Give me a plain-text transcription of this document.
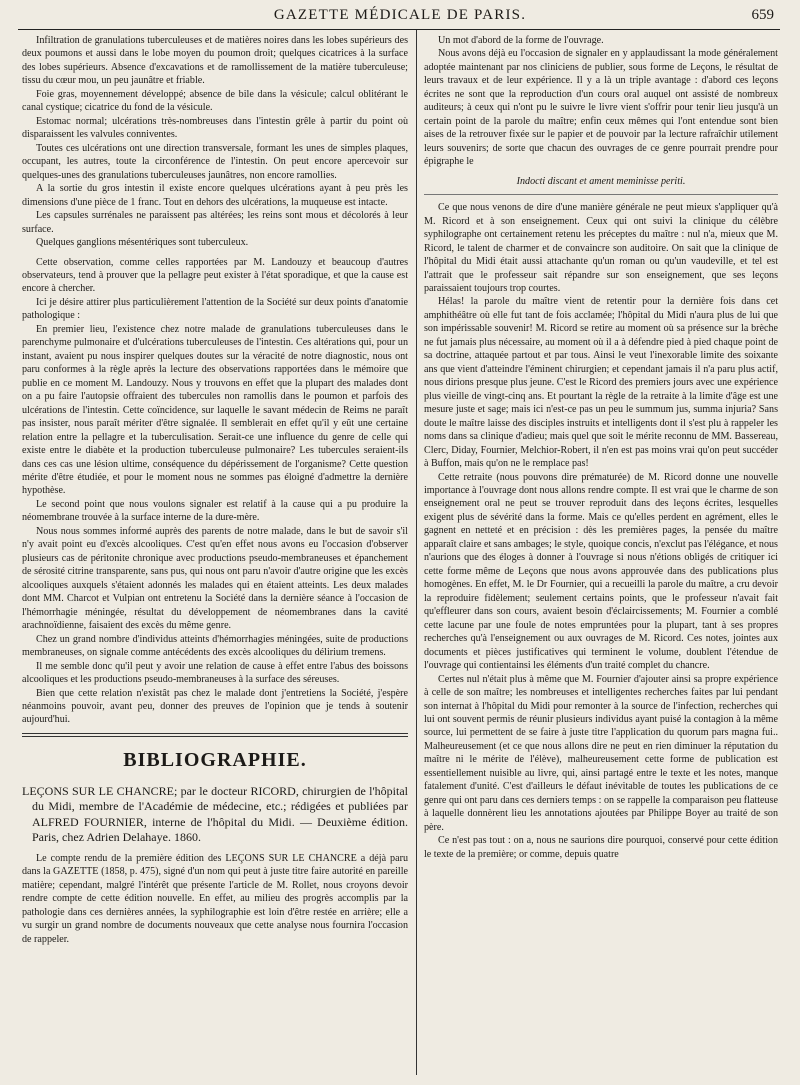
GAZETTE MÉDICALE DE PARIS.	659

Infiltration de granulations tuberculeuses et de matières noires dans les lobes supérieurs des deux poumons et aussi dans le lobe moyen du poumon droit; quelques cicatrices à la surface des lobes supérieurs. Absence d'excavations et de ramollissement de la matière tuberculeuse; tissu du cœur mou, un peu jaunâtre et friable.

Foie gras, moyennement développé; absence de bile dans la vésicule; calcul oblitérant le canal cystique; cicatrice du fond de la vésicule.

Estomac normal; ulcérations très-nombreuses dans l'intestin grêle à partir du point où disparaissent les valvules conniventes.

Toutes ces ulcérations ont une direction transversale, formant les unes de simples plaques, occupant, les autres, toute la circonférence de l'intestin. On peut encore apercevoir sur quelques-unes des granulations tuberculeuses jaunâtres, non encore ramollies.

A la sortie du gros intestin il existe encore quelques ulcérations ayant à peu près les dimensions d'une pièce de 1 franc. Tout en dehors des ulcérations, la muqueuse est intacte.

Les capsules surrénales ne paraissent pas altérées; les reins sont mous et décolorés à leur surface.

Quelques ganglions mésentériques sont tuberculeux.

Cette observation, comme celles rapportées par M. Landouzy et beaucoup d'autres observateurs, tend à prouver que la pellagre peut exister à l'état sporadique, et que la cause est encore à chercher.

Ici je désire attirer plus particulièrement l'attention de la Société sur deux points d'anatomie pathologique :

En premier lieu, l'existence chez notre malade de granulations tuberculeuses dans le parenchyme pulmonaire et d'ulcérations tuberculeuses de l'intestin. Ces altérations qui, pour un instant, avaient pu nous inspirer quelques doutes sur la véracité de notre diagnostic, nous ont paru conformes à la règle après la lecture des observations rapportées dans le mémoire que publie en ce moment M. Landouzy. Nous y trouvons en effet que la plupart des malades dont on a pu faire l'autopsie offraient des tubercules non ramollis dans le poumon et parfois des ulcérations de l'intestin. Cette coïncidence, sur laquelle le savant médecin de Reims ne paraît pas insister, nous paraît mériter d'être signalée. Il semblerait en effet qu'il y eût une certaine relation entre la pellagre et la tuberculisation. Serait-ce une influence du genre de celle qui existe entre le diabète et la production tuberculeuse pulmonaire? Les tubercules seraient-ils dans ces cas une lésion ultime, conséquence du dépérissement de l'organisme? Cette question mérite d'être étudiée, et pour le moment nous ne sommes pas éloigné d'admettre la dernière hypothèse.

Le second point que nous voulons signaler est relatif à la cause qui a pu produire la néomembrane trouvée à la surface interne de la dure-mère.

Nous nous sommes informé auprès des parents de notre malade, dans le but de savoir s'il n'y avait point eu d'excès alcooliques. C'est qu'en effet nous avons eu l'occasion d'observer plusieurs cas de péritonite chronique avec productions pseudo-membraneuses et épanchement de sérosité citrine transparente, sans pus, qui nous ont paru n'avoir d'autre origine que les excès alcooliques auxquels s'étaient adonnés les malades qui en étaient atteints. Les deux malades dont MM. Charcot et Vulpian ont entretenu la Société dans la dernière séance à l'occasion de l'hémorrhagie méningée, résultat du développement de néomembranes dans la cavité arachnoïdienne, faisaient des excès du même genre.

Chez un grand nombre d'individus atteints d'hémorrhagies méningées, suite de productions membraneuses, on signale comme antécédents des excès alcooliques du délirium tremens.

Il me semble donc qu'il peut y avoir une relation de cause à effet entre l'abus des boissons alcooliques et les productions pseudo-membraneuses à la surface des séreuses.

Bien que cette relation n'existât pas chez le malade dont j'entretiens la Société, j'espère néanmoins pouvoir, avant peu, donner des preuves de l'opinion que je tends à soutenir aujourd'hui.

BIBLIOGRAPHIE.

LEÇONS SUR LE CHANCRE; par le docteur RICORD, chirurgien de l'hôpital du Midi, membre de l'Académie de médecine, etc.; rédigées et publiées par ALFRED FOURNIER, interne de l'hôpital du Midi. — Deuxième édition. Paris, chez Adrien Delahaye. 1860.

Le compte rendu de la première édition des LEÇONS SUR LE CHANCRE a déjà paru dans la GAZETTE (1858, p. 475), signé d'un nom qui peut à juste titre faire autorité en pareille matière; cependant, malgré l'intérêt que présente l'article de M. Rollet, nous croyons devoir rendre compte de cette édition nouvelle. En effet, au milieu des progrès accomplis par la pathologie dans ces dernières années, la syphilographie est loin d'être restée en arrière; elle a vu surgir un grand nombre de documents nouveaux que cette analyse nous fournira l'occasion de rappeler.

Un mot d'abord de la forme de l'ouvrage.

Nous avons déjà eu l'occasion de signaler en y applaudissant la mode généralement adoptée maintenant par nos cliniciens de publier, sous forme de Leçons, le résultat de leurs travaux et de leur expérience. Il y a là un triple avantage : d'abord ces leçons écrites ne sont que la reproduction d'un cours oral auquel ont assisté de nombreux auditeurs; à ceux qui n'ont pu le suivre le livre vient s'offrir pour tenir lieu jusqu'à un certain point de la parole du maître; enfin ceux mêmes qui l'ont entendue sont bien aises de la retrouver fixée sur le papier et de pouvoir par la lecture rafraîchir utilement leurs souvenirs; de sorte que chacun des ouvrages de ce genre pourrait prendre pour épigraphe le

Indocti discant et ament meminisse periti.

Ce que nous venons de dire d'une manière générale ne peut mieux s'appliquer qu'à M. Ricord et à son enseignement. Ceux qui ont suivi la clinique du célèbre syphilographe ont certainement retenu les préceptes du maître : nul n'a, mieux que M. Ricord, le talent de charmer et de convaincre son auditoire. On sait que la clinique de l'hôpital du Midi était aussi attachante qu'un roman ou qu'un vaudeville, et tel est l'attrait que le professeur sait répandre sur son enseignement, que ses leçons paraissaient toujours trop courtes.

Hélas! la parole du maître vient de retentir pour la dernière fois dans cet amphithéâtre où elle fut tant de fois acclamée; l'hôpital du Midi n'aura plus de lui que son impérissable souvenir! M. Ricord se retire au moment où sa présence sur la brèche ne fut jamais plus nécessaire, au moment où il a à défendre pied à pied chaque point de sa doctrine, attaquée partout et par tous. Ainsi le veut l'inexorable limite des soixante ans que vient d'atteindre l'éminent chirurgien; et cependant jamais il n'a paru plus actif, nous dirions presque plus jeune. C'est le Ricord des premiers jours avec une expérience plus vieille de vingt-cinq ans. Et pourtant la règle de la retraite à la limite d'âge est une mesure juste et sage; mais ici n'est-ce pas un peu le summum jus, summa injuria? Sans doute le maître laisse des disciples instruits et intelligents dont il s'est plu à rappeler les noms dans sa clinique d'adieu; mais quel que soit le mérite reconnu de MM. Bassereau, Clerc, Diday, Fournier, Melchior-Robert, il n'en est pas moins vrai qu'on peut succéder à Buffon, mais qu'on ne le remplace pas!

Cette retraite (nous pouvons dire prématurée) de M. Ricord donne une nouvelle importance à l'ouvrage dont nous allons rendre compte. Il est vrai que le charme de son enseignement oral ne peut se trouver reproduit dans des leçons écrites, lesquelles exigent plus de sévérité dans la forme. Mais ce qu'elles perdent en agrément, elles le gagnent en netteté et en précision : dès les premières pages, la pensée du maître apparaît claire et sans ambages; le style, quoique concis, n'exclut pas l'élégance, et nous n'aurions que des éloges à donner à l'ouvrage si nous n'étions obligés de critiquer ici cette forme même de Leçons que nous avons approuvée dans des publications plus homogènes. En effet, M. le Dr Fournier, qui a recueilli la parole du maître, a cru devoir la reproduire fidèlement; seulement certains points, que le professeur n'avait fait qu'effleurer dans son cours, avaient besoin d'éclaircissements; M. Fournier a comblé cette lacune par une foule de notes empruntées pour la plupart, tant à ses propres recherches qu'à l'enseignement ou aux ouvrages de M. Ricord. Ces notes, jointes aux documents et pièces justificatives qui terminent le volume, doublent l'étendue de l'ouvrage qui contientainsi les éléments d'un traité complet du chancre.

Certes nul n'était plus à même que M. Fournier d'ajouter ainsi sa propre expérience à celle de son maître; les nombreuses et intelligentes recherches faites par lui pendant son internat à l'hôpital du Midi pour remonter à la source de l'infection, recherches qui lui ont souvent permis de réunir plusieurs individus ayant puisé la contagion à la même source, lui permettent de se faire à juste titre l'application du quorum pars magna fui.. Malheureusement (et ce que nous allons dire ne peut en rien diminuer la réputation du maître ni le mérite de l'élève), malheureusement cette forme de publication est essentiellement nuisible au livre, qui, ainsi partagé entre le texte et les notes, manque fatalement d'unité. C'est d'ailleurs le défaut inévitable de toutes les publications de ce genre qui ont paru dans ces derniers temps : on se rappelle la comparaison peu flatteuse à laquelle donnèrent lieu les annotations ajoutées par Philippe Boyer au traité de son père.

Ce n'est pas tout : on a, nous ne saurions dire pourquoi, conservé pour cette édition le texte de la première; or comme, depuis quatre
